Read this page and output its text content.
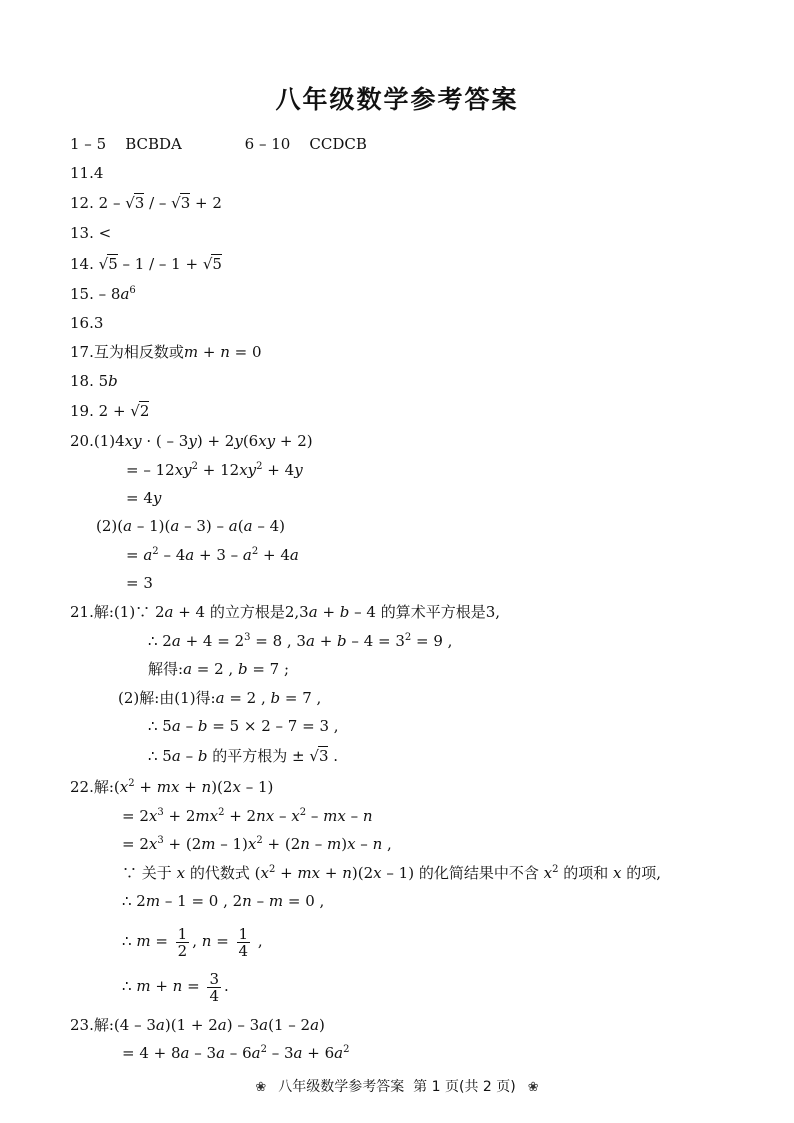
八年级数学参考答案
1 – 5 BCBDA	6 – 10 CCDCB
11.4
12. 2 – √3 / – √3 + 2
13. <
14. √5 – 1 / – 1 + √5
15. – $8a^6$
16.3
17.互为相反数或m + n = 0
18. 5b
19. 2 + √2
20.(1)4xy · ( – 3y) + 2y(6xy + 2)
= – $12xy^2 + 12xy^2 + 4y$
= 4y
(2)(a – 1)(a – 3) – a(a – 4)
= $a^2 - 4a + 3 - a^2 + 4a$
= 3
21.解:(1)∵ 2a + 4 的立方根是2,3a + b – 4 的算术平方根是3,
∴ $2a + 4 = 2^3 = 8$ , $3a + b - 4 = 3^2 = 9$ ,
解得:a = 2 , b = 7 ;
(2)解:由(1)得:a = 2 , b = 7 ,
∴ 5a – b = 5 × 2 – 7 = 3 ,
∴ 5a – b 的平方根为 ± √3 .
22.解$:(x^2$ + mx + n)(2x – 1)
= $2x^3 + 2mx^2 + 2nx - x^2$ – mx – n
= $2x^3 + (2m - 1)x^2 + (2n - m)x - n$ ,
∵ 关于 x 的代数式 ($x^2$ + mx + n)(2x – 1) 的化简结果中不含 $x^2$ 的项和 x 的项,
∴ 2m – 1 = 0 , 2n – m = 0 ,
∴ $m = \frac{1}{2}$ , $n = \frac{1}{4}$ ,
∴ $m + n = \frac{3}{4}$ .
23.解:(4 – 3a)(1 + 2a) – 3a(1 – 2a)
= $4 + 8a - 3a - 6a^2 - 3a + 6a^2$
❀ 八年级数学参考答案 第 1 页(共 2 页) ❀
